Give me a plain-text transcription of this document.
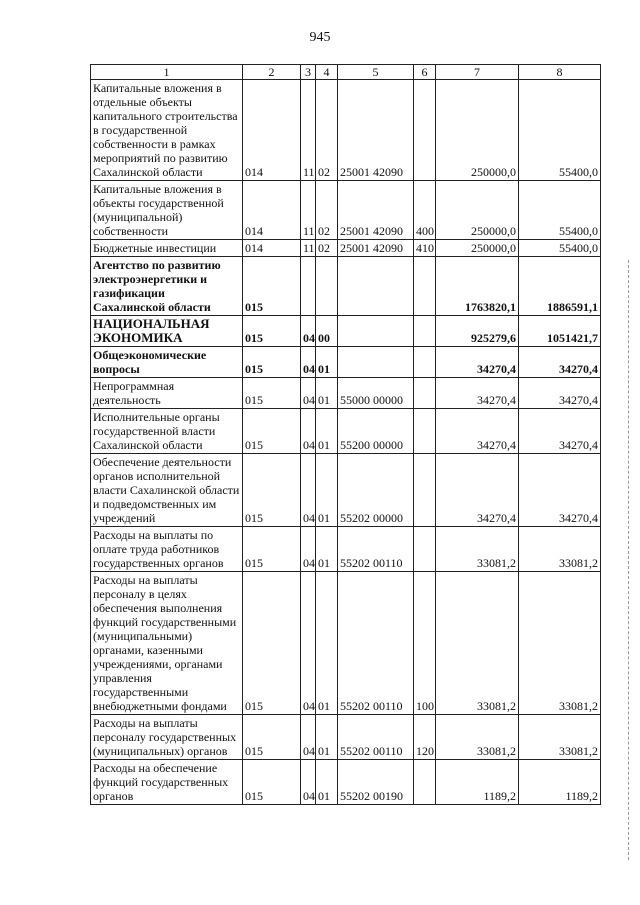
945
1	2	3	4	5	6	7	8
Капитальные вложения в отдельные объекты капитального строительства в государственной собственности в рамках мероприятий по развитию Сахалинской области	014	11	02	25001 42090		250000,0	55400,0
Капитальные вложения в объекты государственной (муниципальной) собственности	014	11	02	25001 42090	400	250000,0	55400,0
Бюджетные инвестиции	014	11	02	25001 42090	410	250000,0	55400,0
Агентство по развитию электроэнергетики и газификации Сахалинской области	015					1763820,1	1886591,1
НАЦИОНАЛЬНАЯ ЭКОНОМИКА	015	04	00			925279,6	1051421,7
Общеэкономические вопросы	015	04	01			34270,4	34270,4
Непрограммная деятельность	015	04	01	55000 00000		34270,4	34270,4
Исполнительные органы государственной власти Сахалинской области	015	04	01	55200 00000		34270,4	34270,4
Обеспечение деятельности органов исполнительной власти Сахалинской области и подведомственных им учреждений	015	04	01	55202 00000		34270,4	34270,4
Расходы на выплаты по оплате труда работников государственных органов	015	04	01	55202 00110		33081,2	33081,2
Расходы на выплаты персоналу в целях обеспечения выполнения функций государственными (муниципальными) органами, казенными учреждениями, органами управления государственными внебюджетными фондами	015	04	01	55202 00110	100	33081,2	33081,2
Расходы на выплаты персоналу государственных (муниципальных) органов	015	04	01	55202 00110	120	33081,2	33081,2
Расходы на обеспечение функций государственных органов	015	04	01	55202 00190		1189,2	1189,2
